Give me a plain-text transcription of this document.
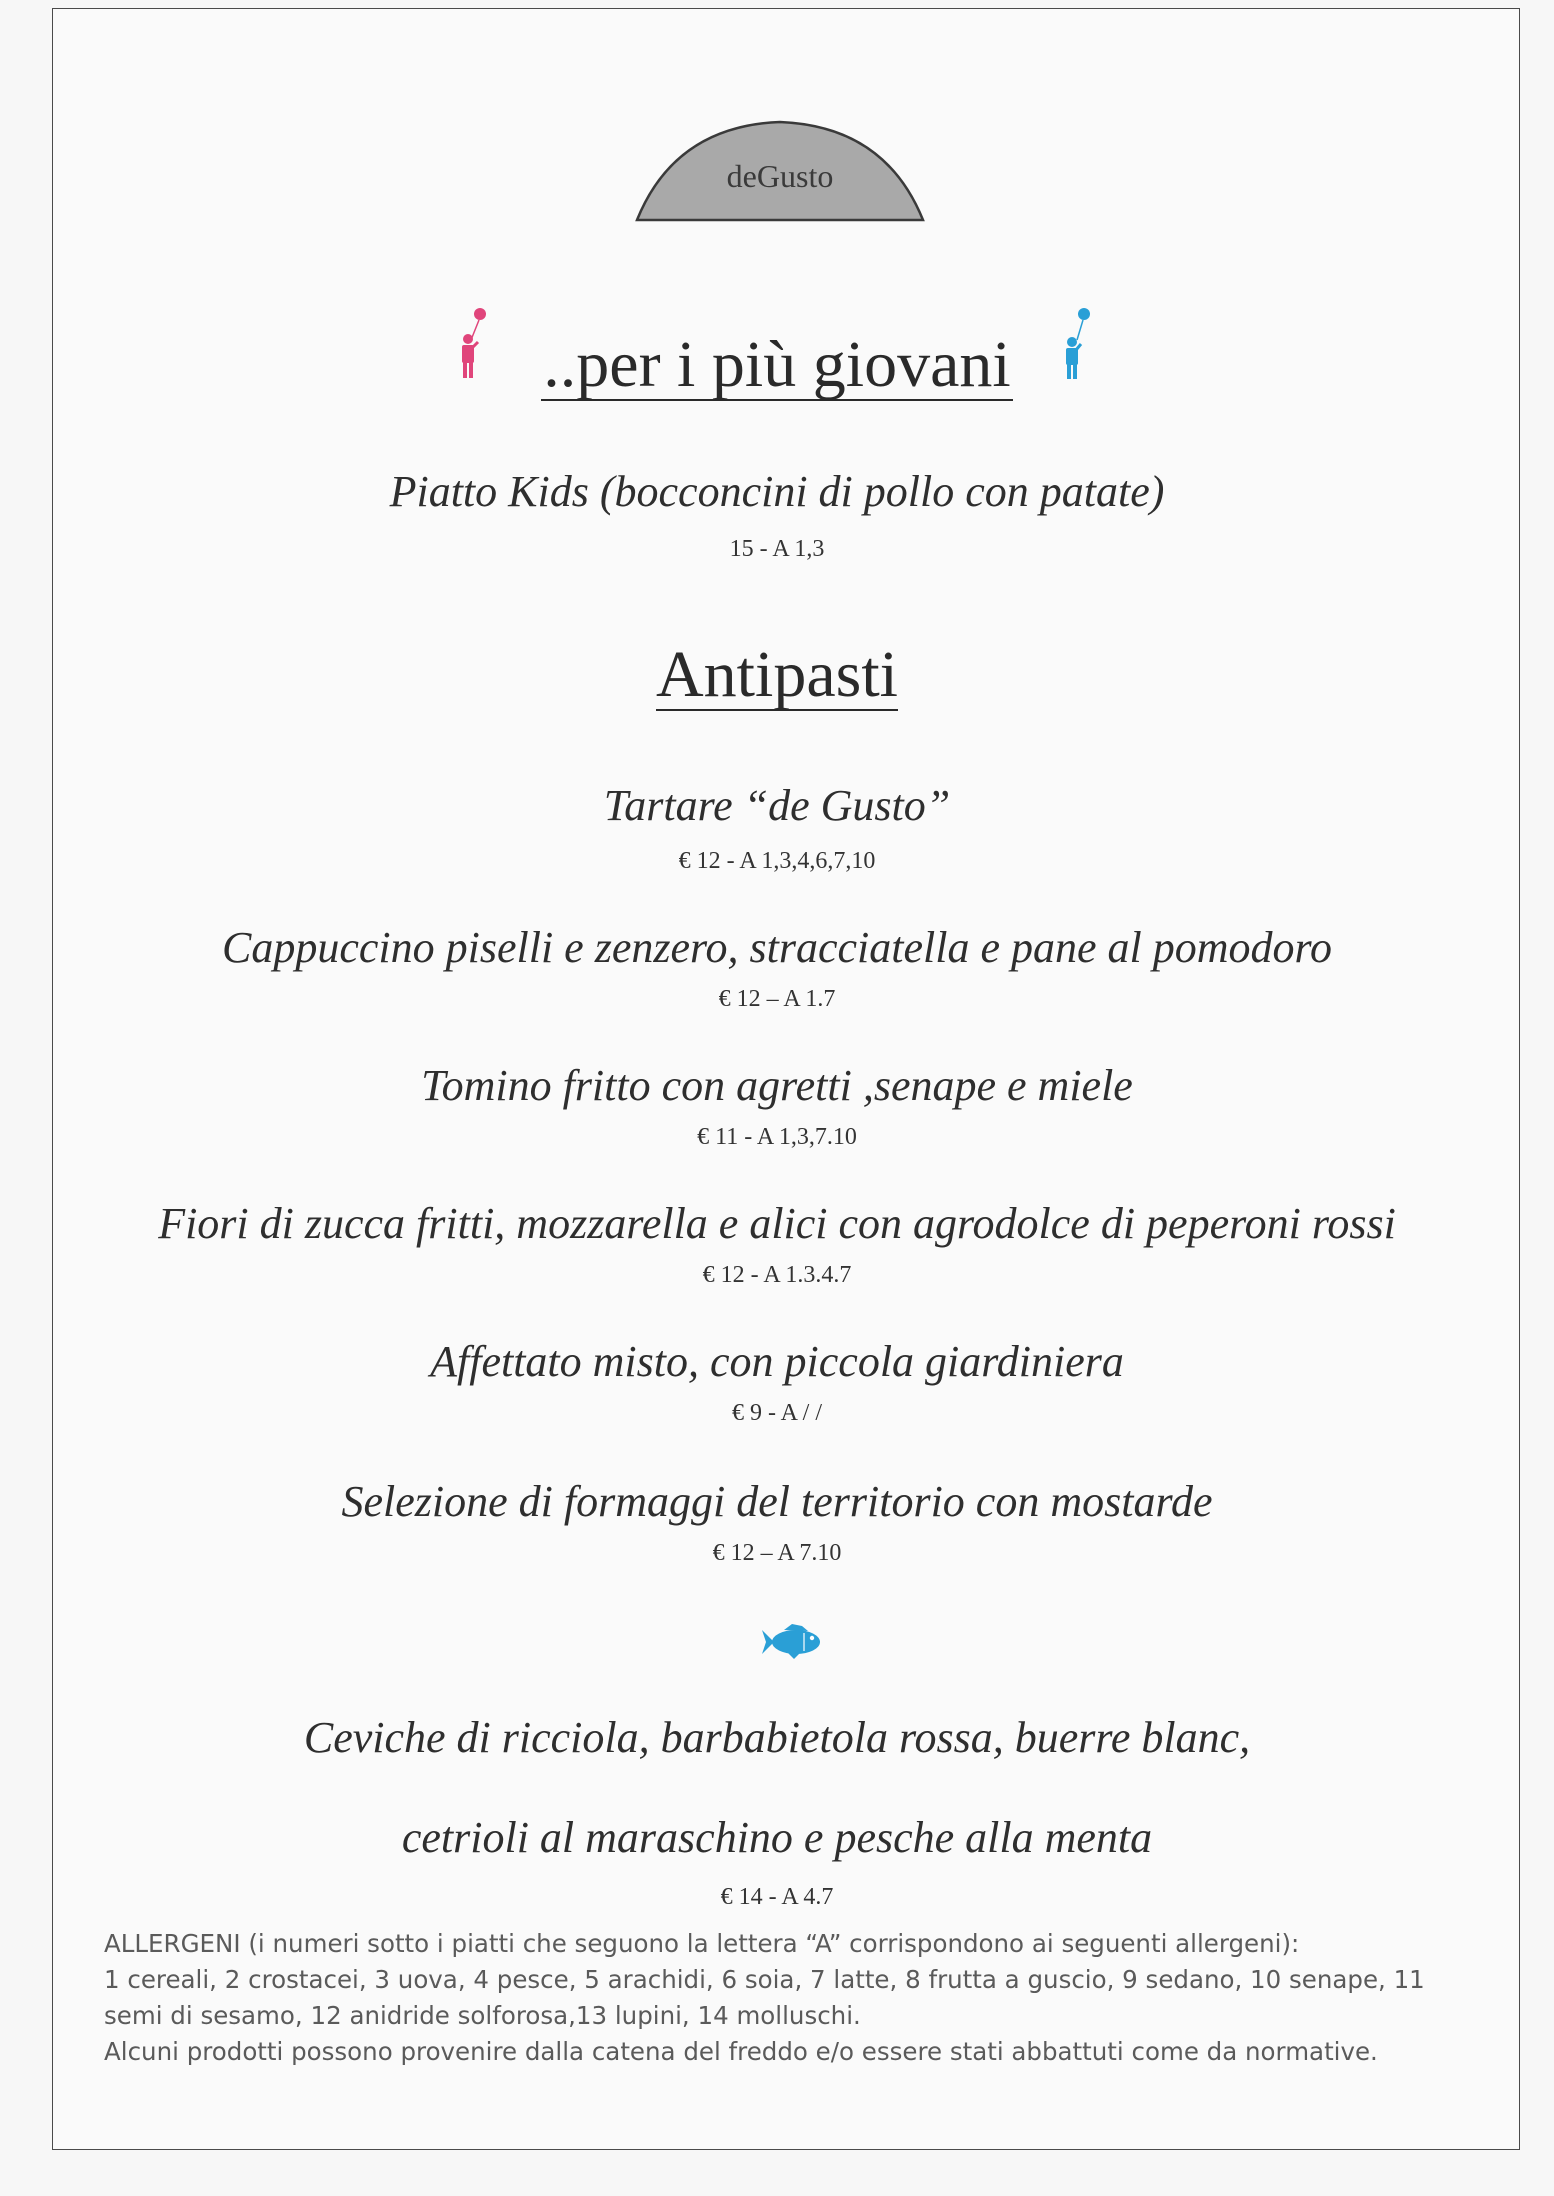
deGusto
..per i più giovani
Piatto Kids (bocconcini di pollo con patate)
15 - A 1,3
Antipasti
Tartare “de Gusto”
€ 12 - A 1,3,4,6,7,10
Cappuccino piselli e zenzero, stracciatella e pane al pomodoro
€ 12 – A 1.7
Tomino fritto con agretti ,senape e miele
€ 11 - A 1,3,7.10
Fiori di zucca fritti, mozzarella e alici con agrodolce di peperoni rossi
€ 12 - A 1.3.4.7
Affettato misto, con piccola giardiniera
€ 9 - A / /
Selezione di formaggi del territorio con mostarde
€ 12 – A 7.10
Ceviche di ricciola, barbabietola rossa, buerre blanc,
cetrioli al maraschino e pesche alla menta
€ 14 - A 4.7
ALLERGENI (i numeri sotto i piatti che seguono la lettera “A” corrispondono ai seguenti allergeni):
1 cereali, 2 crostacei, 3 uova, 4 pesce, 5 arachidi, 6 soia, 7 latte, 8 frutta a guscio, 9 sedano, 10 senape, 11
semi di sesamo, 12 anidride solforosa,13 lupini, 14 molluschi.
Alcuni prodotti possono provenire dalla catena del freddo e/o essere stati abbattuti come da normative.
